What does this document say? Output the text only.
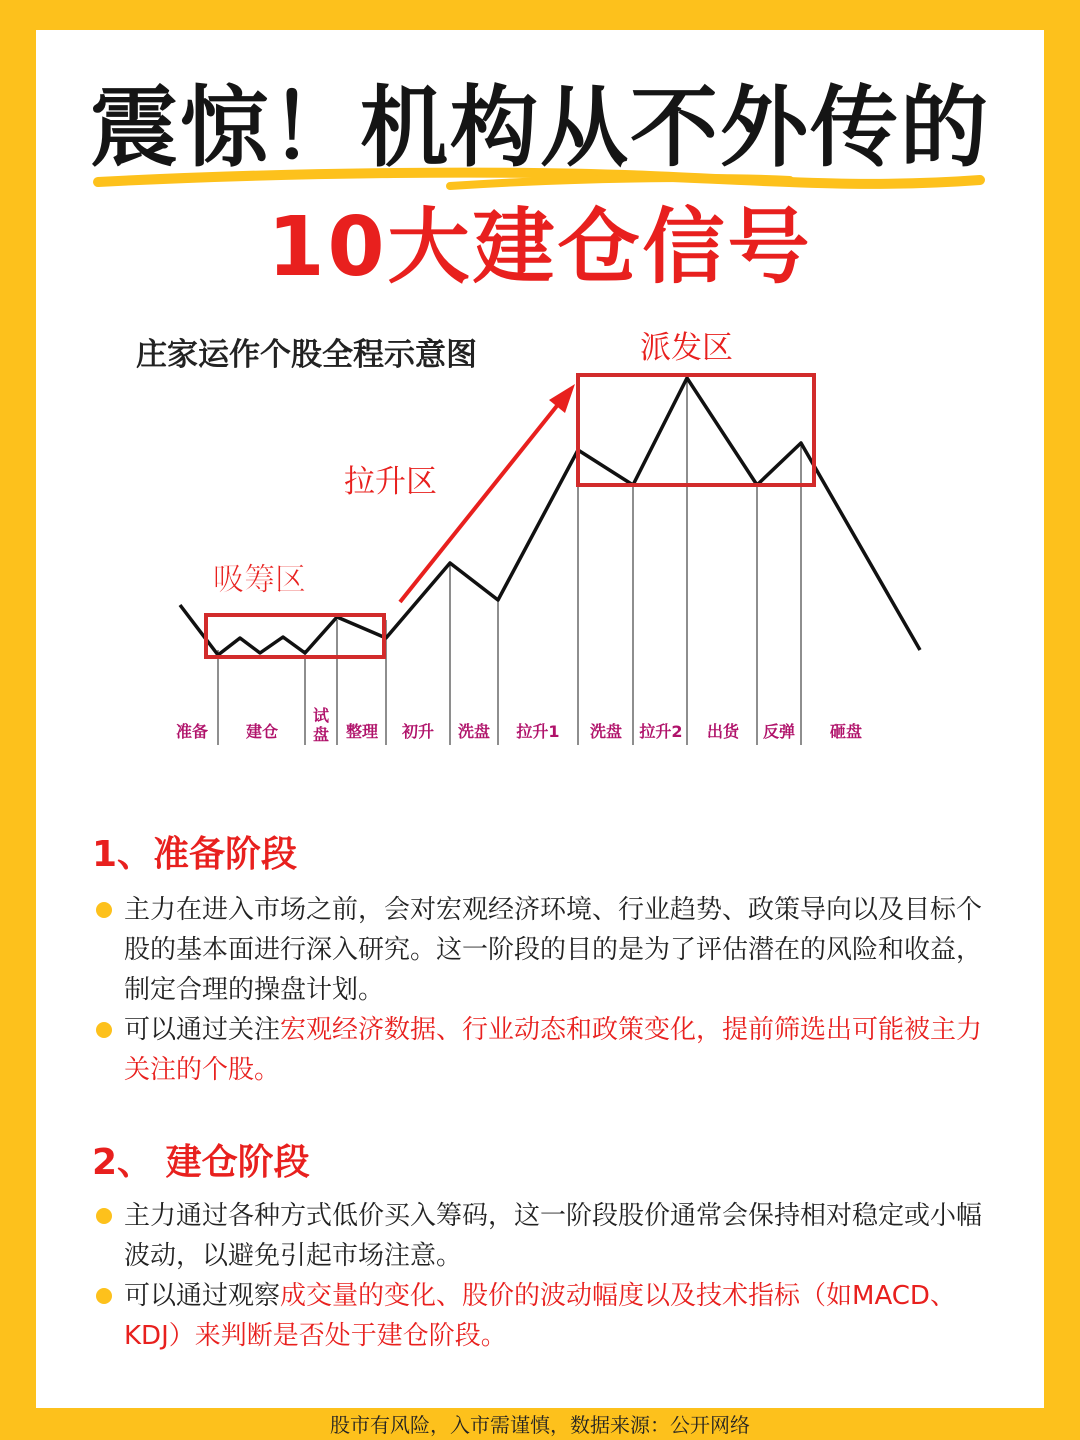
震惊！机构从不外传的
10大建仓信号
庄家运作个股全程示意图
吸筹区
拉升区
派发区
准备 建仓
试
盘 整理 初升 洗盘 拉升1 洗盘 拉升2 出货 反弹 砸盘
1、准备阶段
主力在进入市场之前，会对宏观经济环境、行业趋势、政策导向以及目标个股的基本面进行深入研究。这一阶段的目的是为了评估潜在的风险和收益，制定合理的操盘计划。
可以通过关注宏观经济数据、行业动态和政策变化，提前筛选出可能被主力关注的个股。
2、 建仓阶段
主力通过各种方式低价买入筹码，这一阶段股价通常会保持相对稳定或小幅波动，以避免引起市场注意。
可以通过观察成交量的变化、股价的波动幅度以及技术指标（如MACD、KDJ）来判断是否处于建仓阶段。
股市有风险，入市需谨慎，数据来源：公开网络
